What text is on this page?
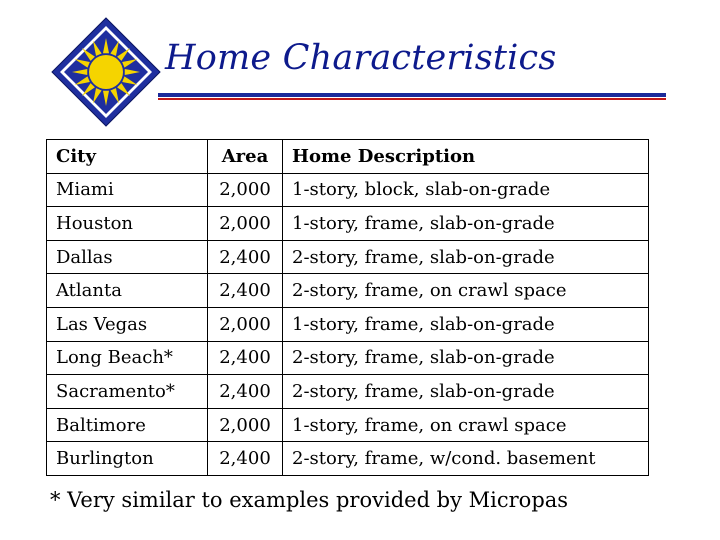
Home Characteristics
City	Area	Home Description
Miami	2,000	1-story, block, slab-on-grade
Houston	2,000	1-story, frame, slab-on-grade
Dallas	2,400	2-story, frame, slab-on-grade
Atlanta	2,400	2-story, frame, on crawl space
Las Vegas	2,000	1-story, frame, slab-on-grade
Long Beach*	2,400	2-story, frame, slab-on-grade
Sacramento*	2,400	2-story, frame, slab-on-grade
Baltimore	2,000	1-story, frame, on crawl space
Burlington	2,400	2-story, frame, w/cond. basement
* Very similar to examples provided by Micropas
